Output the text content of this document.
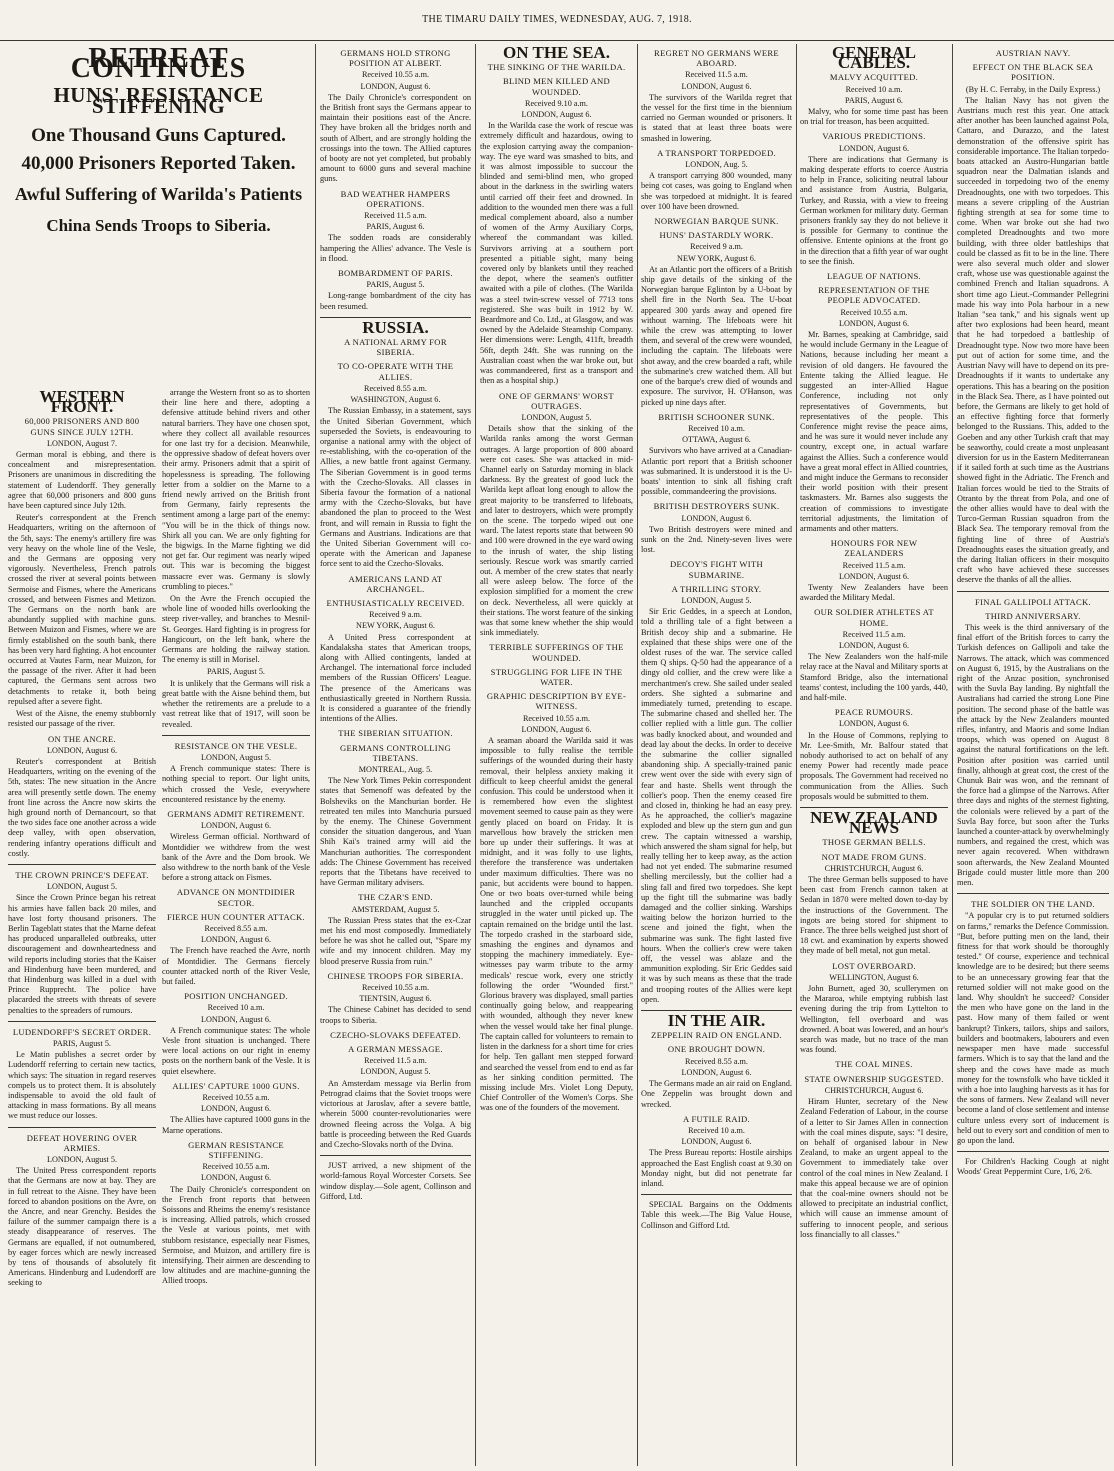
THE TIMARU DAILY TIMES, WEDNESDAY, AUG. 7, 1918.
RETREAT CONTINUES
HUNS' RESISTANCE STIFFENING
One Thousand Guns Captured.
40,000 Prisoners Reported Taken.
Awful Suffering of Warilda's Patients
China Sends Troops to Siberia.
WESTERN FRONT.
60,000 PRISONERS AND 800 GUNS SINCE JULY 12TH.
LONDON, August 7.

German moral is ebbing, and there is concealment and misrepresentation. Prisoners are unanimous in discrediting the statement of Ludendorff. They generally agree that 60,000 prisoners and 800 guns have been captured since July 12th.

Reuter's correspondent at the French Headquarters, writing on the afternoon of the 5th, says: The enemy's artillery fire was very heavy on the whole line of the Vesle, and the Germans are opposing very vigorously. Nevertheless, French patrols crossed the river at several points between Sermoise and Fismes, where the Americans crossed, and between Fismes and Metizon. The Germans on the north bank are abundantly supplied with machine guns. Between Muizon and Fismes, where we are firmly established on the south bank, there has been very hard fighting. A hot encounter occurred at Vautes Farm, near Muizon, for the passage of the river. After it had been captured, the Germans sent across two detachments to retake it, both being repulsed after a severe fight.

West of the Aisne, the enemy stubbornly resisted our passage of the river.

ON THE ANCRE.
LONDON, August 6.

Reuter's correspondent at British Headquarters, writing on the evening of the 5th, states: The new situation in the Ancre area will presently settle down. The enemy front line across the Ancre now skirts the high ground north of Dernancourt, so that the two sides face one another across a wide deep valley, with open observation, rendering infantry operations difficult and costly.

THE CROWN PRINCE'S DEFEAT.
LONDON, August 5.

Since the Crown Prince began his retreat his armies have fallen back 20 miles, and have lost forty thousand prisoners. The Berlin Tageblatt states that the Marne defeat has produced unparalleled outbreaks, utter discouragement and downheartedness and wild reports including stories that the Kaiser and Hindenburg have been murdered, and that Hindenburg was killed in a duel with Prince Rupprecht. The police have placarded the streets with threats of severe penalties to the spreaders of rumours.

LUDENDORFF'S SECRET ORDER.
PARIS, August 5.

Le Matin publishes a secret order by Ludendorff referring to certain new tactics, which says: The situation in regard reserves compels us to protect them. It is absolutely indispensable to avoid the old fault of attacking in mass formations. By all means we must reduce our losses.

DEFEAT HOVERING OVER ARMIES.
LONDON, August 5.

The United Press correspondent reports that the Germans are now at bay. They are in full retreat to the Aisne. They have been forced to abandon positions on the Avre, on the Ancre, and near Grenchy. Besides the failure of the summer campaign there is a steady disappearance of reserves. The Germans are equalled, if not outnumbered, by eager forces which are newly increased by tens of thousands of absolutely fit Americans. Hindenburg and Ludendorff are seeking to

arrange the Western front so as to shorten their line here and there, adopting a defensive attitude behind rivers and other natural barriers. They have one chosen spot, where they collect all available resources for one last try for a decision. Meanwhile, the oppressive shadow of defeat hovers over their army. Prisoners admit that a spirit of hopelessness is spreading. The following letter from a soldier on the Marne to a friend newly arrived on the British front from Germany, fairly represents the sentiment among a large part of the enemy: "You will be in the thick of things now. Shirk all you can. We are only fighting for the bigwigs. In the Marne fighting we did not get far. Our regiment was nearly wiped out. This war is becoming the biggest massacre ever was. Germany is slowly crumbling to pieces."

On the Avre the French occupied the whole line of wooded hills overlooking the steep river-valley, and branches to Mesnil-St. Georges. Hard fighting is in progress for Hangicourt, on the left bank, where the Germans are holding the railway station. The enemy is still in Morisel.

PARIS, August 5.

It is unlikely that the Germans will risk a great battle with the Aisne behind them, but whether the retirements are a prelude to a vast retreat like that of 1917, will soon be revealed.

RESISTANCE ON THE VESLE.
LONDON, August 5.

A French communique states: There is nothing special to report. Our light units, which crossed the Vesle, everywhere encountered resistance by the enemy.

GERMANS ADMIT RETIREMENT.
LONDON, August 6.

Wireless German official. Northward of Montdidier we withdrew from the west bank of the Avre and the Dom brook. We also withdrew to the north bank of the Vesle before a strong attack on Fismes.

ADVANCE ON MONTDIDIER SECTOR.
FIERCE HUN COUNTER ATTACK.
Received 8.55 a.m.
LONDON, August 6.

The French have reached the Avre, north of Montdidier. The Germans fiercely counter attacked north of the River Vesle, but failed.

POSITION UNCHANGED.
Received 10 a.m.
LONDON, August 6.

A French communique states: The whole Vesle front situation is unchanged. There were local actions on our right in enemy posts on the northern bank of the Vesle. It is quiet elsewhere.

ALLIES' CAPTURE 1000 GUNS.
Received 10.55 a.m.
LONDON, August 6.

The Allies have captured 1000 guns in the Marne operations.

GERMAN RESISTANCE STIFFENING.
Received 10.55 a.m.
LONDON, August 6.

The Daily Chronicle's correspondent on the French front reports that between Soissons and Rheims the enemy's resistance is increasing. Allied patrols, which crossed the Vesle at various points, met with stubborn resistance, especially near Fismes, Sermoise, and Muizon, and artillery fire is intensifying. Their airmen are descending to low altitudes and are machine-gunning the Allied troops.

GERMANS HOLD STRONG POSITION AT ALBERT.
Received 10.55 a.m.
LONDON, August 6.

The Daily Chronicle's correspondent on the British front says the Germans appear to maintain their positions east of the Ancre. They have broken all the bridges north and south of Albert, and are strongly holding the crossings into the town. The Allied captures of booty are not yet completed, but probably amount to 6000 guns and several machine guns.

BAD WEATHER HAMPERS OPERATIONS.
Received 11.5 a.m.
PARIS, August 6.

The sodden roads are considerably hampering the Allies' advance. The Vesle is in flood.

BOMBARDMENT OF PARIS.
PARIS, August 5.

Long-range bombardment of the city has been resumed.

RUSSIA.
A NATIONAL ARMY FOR SIBERIA.
TO CO-OPERATE WITH THE ALLIES.
Received 8.55 a.m.
WASHINGTON, August 6.

The Russian Embassy, in a statement, says the United Siberian Government, which superseded the Soviets, is endeavouring to organise a national army with the object of re-establishing, with the co-operation of the Allies, a new battle front against Germany. The Siberian Government is in good terms with the Czecho-Slovaks. All classes in Siberia favour the formation of a national army with the Czecho-Slovaks, but have abandoned the plan to proceed to the West front, and will remain in Russia to fight the Germans and Austrians. Indications are that the United Siberian Government will co-operate with the American and Japanese force sent to aid the Czecho-Slovaks.

AMERICANS LAND AT ARCHANGEL.
ENTHUSIASTICALLY RECEIVED.
Received 9 a.m.
NEW YORK, August 6.

A United Press correspondent at Kandalaksha states that American troops, along with Allied contingents, landed at Archangel. The international force included members of the Russian Officers' League. The presence of the Americans was enthusiastically greeted in Northern Russia. It is considered a guarantee of the friendly intentions of the Allies.

THE SIBERIAN SITUATION.
GERMANS CONTROLLING TIBETANS.
MONTREAL, Aug. 5.

The New York Times Pekin correspondent states that Semenoff was defeated by the Bolsheviks on the Manchurian border. He retreated ten miles into Manchuria pursued by the enemy. The Chinese Government consider the situation dangerous, and Yuan Shih Kai's trained army will aid the Manchurian authorities. The correspondent adds: The Chinese Government has received reports that the Tibetans have received to have German military advisers.

THE CZAR'S END.
AMSTERDAM, August 5.

The Russian Press states that the ex-Czar met his end most composedly. Immediately before he was shot he called out, "Spare my wife and my innocent children. May my blood preserve Russia from ruin."

CHINESE TROOPS FOR SIBERIA.
Received 10.55 a.m.
TIENTSIN, August 6.

The Chinese Cabinet has decided to send troops to Siberia.

CZECHO-SLOVAKS DEFEATED.
A GERMAN MESSAGE.
Received 11.5 a.m.
LONDON, August 5.

An Amsterdam message via Berlin from Petrograd claims that the Soviet troops were victorious at Jaroslav, after a severe battle, wherein 5000 counter-revolutionaries were drowned fleeing across the Volga. A big battle is proceeding between the Red Guards and Czecho-Slovaks north of the Dvina.

JUST arrived, a new shipment of the world-famous Royal Worcester Corsets. See window display.—Sole agent, Collinson and Gifford, Ltd.

ON THE SEA.
THE SINKING OF THE WARILDA.
BLIND MEN KILLED AND WOUNDED.
Received 9.10 a.m.
LONDON, August 6.

In the Warilda case the work of rescue was extremely difficult and hazardous, owing to the explosion carrying away the companion-way. The eye ward was smashed to bits, and it was almost impossible to succour the blinded and semi-blind men, who groped about in the darkness in the swirling waters until carried off their feet and drowned. In addition to the wounded men there was a full medical complement aboard, also a number of women of the Army Auxiliary Corps, whereof the commandant was killed. Survivors arriving at a southern port presented a pitiable sight, many being covered only by blankets until they reached the depot, where the seamen's outfitter awaited with a pile of clothes. (The Warilda was a steel twin-screw vessel of 7713 tons registered. She was built in 1912 by W. Beardmore and Co. Ltd., at Glasgow, and was owned by the Adelaide Steamship Company. Her dimensions were: Length, 411ft, breadth 56ft, depth 24ft. She was running on the Australian coast when the war broke out, but was commandeered, first as a transport and then as a hospital ship.)

ONE OF GERMANS' WORST OUTRAGES.
LONDON, August 5.

Details show that the sinking of the Warilda ranks among the worst German outrages. A large proportion of 800 aboard were cot cases. She was attacked in mid-Channel early on Saturday morning in black darkness. By the greatest of good luck the Warilda kept afloat long enough to allow the great majority to be transferred to lifeboats, and later to destroyers, which were promptly on the scene. The torpedo wiped out one ward. The latest reports state that between 90 and 100 were drowned in the eye ward owing to the inrush of water, the ship listing seriously. Rescue work was smartly carried out. A member of the crew states that nearly all were asleep below. The force of the explosion simplified for a moment the crew on deck. Nevertheless, all were quickly at their stations. The worst feature of the sinking was that some knew whether the ship would sink immediately.

TERRIBLE SUFFERINGS OF THE WOUNDED.
STRUGGLING FOR LIFE IN THE WATER.
GRAPHIC DESCRIPTION BY EYE-WITNESS.
Received 10.55 a.m.
LONDON, August 6.

A seaman aboard the Warilda said it was impossible to fully realise the terrible sufferings of the wounded during their hasty removal, their helpless anxiety making it difficult to keep cheerful amidst the general confusion. This could be understood when it is remembered how even the slightest movement seemed to cause pain as they were gently placed on board on Friday. It is marvellous how bravely the stricken men bore up under their sufferings. It was at midnight, and it was folly to use lights, therefore the transference was undertaken under maximum difficulties. There was no panic, but accidents were bound to happen. One or two boats over-turned while being launched and the crippled occupants struggled in the water until picked up. The captain remained on the bridge until the last. The torpedo crashed in the starboard side, smashing the engines and dynamos and stopping the machinery immediately. Eye-witnesses pay warm tribute to the army medicals' rescue work, every one strictly following the order "Wounded first." Glorious bravery was displayed, small parties continually going below, and reappearing with wounded, although they never knew when the vessel would take her final plunge. The captain called for volunteers to remain to listen in the darkness for a short time for cries for help. Ten gallant men stepped forward and searched the vessel from end to end as far as her sinking condition permitted. The missing include Mrs. Violet Long Deputy, Chief Controller of the Women's Corps. She was one of the founders of the movement.

REGRET NO GERMANS WERE ABOARD.
Received 11.5 a.m.
LONDON, August 6.

The survivors of the Warilda regret that the vessel for the first time in the biennium carried no German wounded or prisoners. It is stated that at least three boats were smashed in lowering.

A TRANSPORT TORPEDOED.
LONDON, Aug. 5.

A transport carrying 800 wounded, many being cot cases, was going to England when she was torpedoed at midnight. It is feared over 100 have been drowned.

NORWEGIAN BARQUE SUNK.
HUNS' DASTARDLY WORK.
Received 9 a.m.
NEW YORK, August 6.

At an Atlantic port the officers of a British ship gave details of the sinking of the Norwegian barque Eglinton by a U-boat by shell fire in the North Sea. The U-boat appeared 300 yards away and opened fire without warning. The lifeboats were hit while the crew was attempting to lower them, and several of the crew were wounded, including the captain. The lifeboats were shot away, and the crew boarded a raft, while the submarine's crew watched them. All but one of the barque's crew died of wounds and exposure. The survivor, H. O'Hanson, was picked up nine days after.

BRITISH SCHOONER SUNK.
Received 10 a.m.
OTTAWA, August 6.

Survivors who have arrived at a Canadian-Atlantic port report that a British schooner was submarined. It is understood it is the U-boats' intention to sink all fishing craft possible, commandeering the provisions.

BRITISH DESTROYERS SUNK.
LONDON, August 6.

Two British destroyers were mined and sunk on the 2nd. Ninety-seven lives were lost.

DECOY'S FIGHT WITH SUBMARINE.
A THRILLING STORY.
LONDON, August 5.

Sir Eric Geddes, in a speech at London, told a thrilling tale of a fight between a British decoy ship and a submarine. He explained that these ships were one of the oldest ruses of the war. The service called them Q ships. Q-50 had the appearance of a dingy old collier, and the crew were like a merchantmen's crew. She sailed under sealed orders. She sighted a submarine and immediately turned, pretending to escape. The submarine chased and shelled her. The collier replied with a little gun. The collier was badly knocked about, and wounded and dead lay about the decks. In order to deceive the submarine the collier signalled abandoning ship. A specially-trained panic crew went over the side with every sign of fear and haste. Shells went through the collier's poop. Then the enemy ceased fire and closed in, thinking he had an easy prey. As he approached, the collier's magazine exploded and blew up the stern gun and gun crew. The captain witnessed a warship, which answered the sham signal for help, but really telling her to keep away, as the action had not yet ended. The submarine resumed shelling mercilessly, but the collier had a sling fall and fired two torpedoes. She kept up the fight till the submarine was badly damaged and the collier sinking. Warships waiting below the horizon hurried to the scene and joined the fight, when the submarine was sunk. The fight lasted five hours. When the collier's crew were taken off, the vessel was ablaze and the ammunition exploding. Sir Eric Geddes said it was by such means as these that the trade and trooping routes of the Allies were kept open.

IN THE AIR.
ZEPPELIN RAID ON ENGLAND.
ONE BROUGHT DOWN.
Received 8.55 a.m.
LONDON, August 6.

The Germans made an air raid on England. One Zeppelin was brought down and wrecked.

A FUTILE RAID.
Received 10 a.m.
LONDON, August 6.

The Press Bureau reports: Hostile airships approached the East English coast at 9.30 on Monday night, but did not penetrate far inland.

SPECIAL Bargains on the Oddments Table this week.—The Big Value House, Collinson and Gifford Ltd.

GENERAL CABLES.
MALVY ACQUITTED.
Received 10 a.m.
PARIS, August 6.

Malvy, who for some time past has been on trial for treason, has been acquitted.

VARIOUS PREDICTIONS.
LONDON, August 6.

There are indications that Germany is making desperate efforts to coerce Austria to help in France, soliciting neutral labour and assistance from Austria, Bulgaria, Turkey, and Russia, with a view to freeing German workmen for military duty. German prisoners frankly say they do not believe it is possible for Germany to continue the offensive. Entente opinions at the front go in the direction that a fifth year of war ought to see the finish.

LEAGUE OF NATIONS.
REPRESENTATION OF THE PEOPLE ADVOCATED.
Received 10.55 a.m.
LONDON, August 6.

Mr. Barnes, speaking at Cambridge, said he would include Germany in the League of Nations, because including her meant a revision of old dangers. He favoured the Entente taking the Allied league. He suggested an inter-Allied Hague Conference, including not only representatives of Governments, but representatives of the people. This Conference might revise the peace aims, and he was sure it would never include any country, except one, in actual warfare against the Allies. Such a conference would have a great moral effect in Allied countries, and might induce the Germans to reconsider their world position with their present taskmasters. Mr. Barnes also suggests the creation of commissions to investigate territorial adjustments, the limitation of armaments and other matters.

HONOURS FOR NEW ZEALANDERS
Received 11.5 a.m.
LONDON, August 6.

Twenty New Zealanders have been awarded the Military Medal.

OUR SOLDIER ATHLETES AT HOME.
Received 11.5 a.m.
LONDON, August 6.

The New Zealanders won the half-mile relay race at the Naval and Military sports at Stamford Bridge, also the international teams' contest, including the 100 yards, 440, and half-mile.

PEACE RUMOURS.
LONDON, August 6.

In the House of Commons, replying to Mr. Lee-Smith, Mr. Balfour stated that nobody authorised to act on behalf of any enemy Power had recently made peace proposals. The Government had received no communication from the Allies. Such proposals would be submitted to them.

NEW ZEALAND NEWS
THOSE GERMAN BELLS.
NOT MADE FROM GUNS.
CHRISTCHURCH, August 6.

The three German bells supposed to have been cast from French cannon taken at Sedan in 1870 were melted down to-day by the instructions of the Government. The ingots are being stored for shipment to France. The three bells weighed just short of 18 cwt. and examination by experts showed they made of bell metal, not gun metal.

LOST OVERBOARD.
WELLINGTON, August 6.

John Burnett, aged 30, scullerymen on the Mararoa, while emptying rubbish last evening during the trip from Lyttelton to Wellington, fell overboard and was drowned. A boat was lowered, and an hour's search was made, but no trace of the man was found.

THE COAL MINES.
STATE OWNERSHIP SUGGESTED.
CHRISTCHURCH, August 6.

Hiram Hunter, secretary of the New Zealand Federation of Labour, in the course of a letter to Sir James Allen in connection with the coal mines dispute, says: "I desire, on behalf of organised labour in New Zealand, to make an urgent appeal to the Government to immediately take over control of the coal mines in New Zealand. I make this appeal because we are of opinion that the coal-mine owners should not be allowed to precipitate an industrial conflict, which will cause an immense amount of suffering to innocent people, and serious loss financially to all classes."

AUSTRIAN NAVY.
EFFECT ON THE BLACK SEA POSITION.
(By H. C. Ferraby, in the Daily Express.)

The Italian Navy has not given the Austrians much rest this year. One attack after another has been launched against Pola, Cattaro, and Durazzo, and the latest demonstration of the offensive spirit has considerable importance. The Italian torpedo-boats attacked an Austro-Hungarian battle squadron near the Dalmatian islands and succeeded in torpedoing two of the enemy Dreadnoughts, one with two torpedoes. This means a severe crippling of the Austrian fighting strength at sea for some time to come. When war broke out she had two completed Dreadnoughts and two more building, with three older battleships that could be classed as fit to be in the line. There were also several much older and slower craft, whose use was questionable against the combined French and Italian squadrons. A short time ago Lieut.-Commander Pellegrini made his way into Pola harbour in a new Italian "sea tank," and his signals went up after two explosions had been heard, meant that he had torpedoed a battleship of Dreadnought type. Now two more have been put out of action for some time, and the Austrian Navy will have to depend on its pre-Dreadnoughts if it wants to undertake any operations. This has a bearing on the position in the Black Sea. There, as I have pointed out before, the Germans are likely to get hold of an effective fighting force that formerly belonged to the Russians. This, added to the Goeben and any other Turkish craft that may be seaworthy, could create a most unpleasant diversion for us in the Eastern Mediterranean if it sailed forth at such time as the Austrians showed fight in the Adriatic. The French and Italian forces would be tied to the Straits of Otranto by the threat from Pola, and one of the other allies would have to deal with the Turco-German Russian squadron from the Black Sea. The temporary removal from the fighting line of three of Austria's Dreadnoughts eases the situation greatly, and the daring Italian officers in their mosquito craft who have achieved these successes deserve the thanks of all the allies.

FINAL GALLIPOLI ATTACK.
THIRD ANNIVERSARY.

This week is the third anniversary of the final effort of the British forces to carry the Turkish defences on Gallipoli and take the Narrows. The attack, which was commenced on August 6, 1915, by the Australians on the right of the Anzac position, synchronised with the Suvla Bay landing. By nightfall the Australians had carried the strong Lone Pine position. The second phase of the battle was the attack by the New Zealanders mounted rifles, infantry, and Maoris and some Indian troops, which was opened on August 8 against the natural fortifications on the left. Position after position was carried until finally, although at great cost, the crest of the Chunuk Bair was won, and the remnant of the force had a glimpse of the Narrows. After three days and nights of the sternest fighting, the colonials were relieved by a part of the Suvla Bay force, but soon after the Turks launched a counter-attack by overwhelmingly numbers, and regained the crest, which was never again recovered. When withdrawn soon afterwards, the New Zealand Mounted Brigade could muster little more than 200 men.

THE SOLDIER ON THE LAND.

"A popular cry is to put returned soldiers on farms," remarks the Defence Commission. "But, before putting men on the land, their fitness for that work should be thoroughly tested." Of course, experience and technical knowledge are to be desired; but there seems to be an unnecessary growing fear that the returned soldier will not make good on the land. Why shouldn't he succeed? Consider the men who have gone on the land in the past. How many of them failed or went bankrupt? Tinkers, tailors, ships and sailors, builders and bootmakers, labourers and even newspaper men have made successful farmers. Which is to say that the land and the sheep and the cows have made as much money for the townsfolk who have tickled it with a hoe into laughing harvests as it has for the sons of farmers. New Zealand will never become a land of close settlement and intense culture unless every sort of inducement is held out to every sort and condition of men to go upon the land.

For Children's Hacking Cough at night Woods' Great Peppermint Cure, 1/6, 2/6.
